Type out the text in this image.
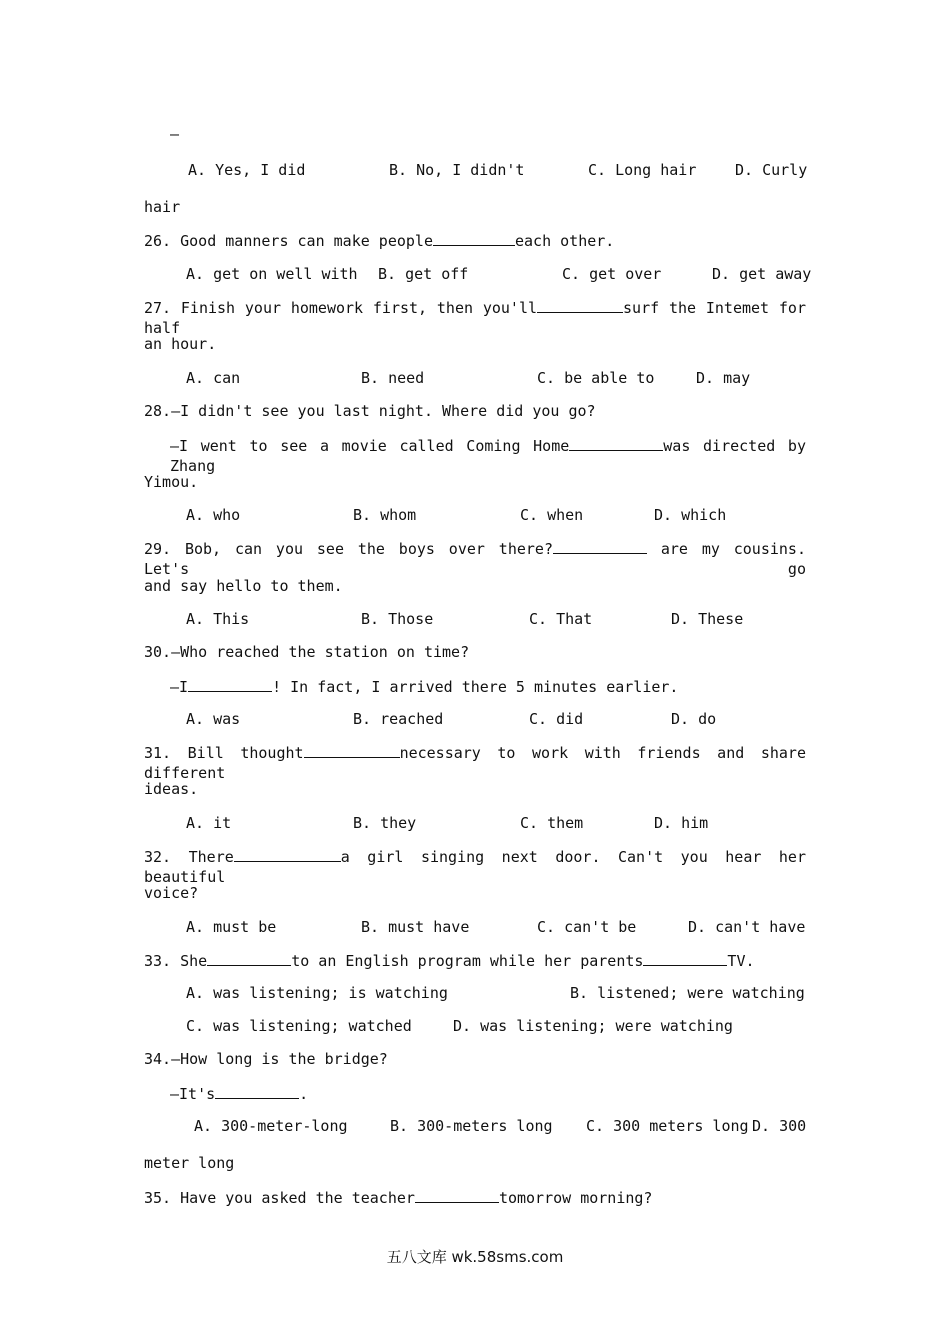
—
A. Yes, I did	B. No, I didn't	C. Long hair	D. Curly
hair
26. Good manners can make people	each other.
A. get on well with B. get off	C. get over	D. get away
27. Finish your homework first, then you'll	surf the Intemet for half
an hour.
A. can	B. need	C. be able to	D. may
28.—I didn't see you last night. Where did you go?
—I went to see a movie called Coming Home	was directed by Zhang
Yimou.
A. who	B. whom	C. when	D. which
29. Bob, can you see the boys over there?	are my cousins. Let's go
and say hello to them.
A. This	B. Those	C. That	D. These
30.—Who reached the station on time?
—I	! In fact, I arrived there 5 minutes earlier.
A. was	B. reached	C. did	D. do
31. Bill thought	necessary to work with friends and share different
ideas.
A. it	B. they	C. them	D. him
32. There	a girl singing next door. Can't you hear her beautiful
voice?
A. must be	B. must have	C. can't be	D. can't have
33. She	to an English program while her parents	TV.
A. was listening; is watching	B. listened; were watching
C. was listening; watched	D. was listening; were watching
34.—How long is the bridge?
—It's	.
A. 300-meter-long	B. 300-meters long C. 300 meters long D. 300
meter long
35. Have you asked the teacher	tomorrow morning?
五八文库 wk.58sms.com
